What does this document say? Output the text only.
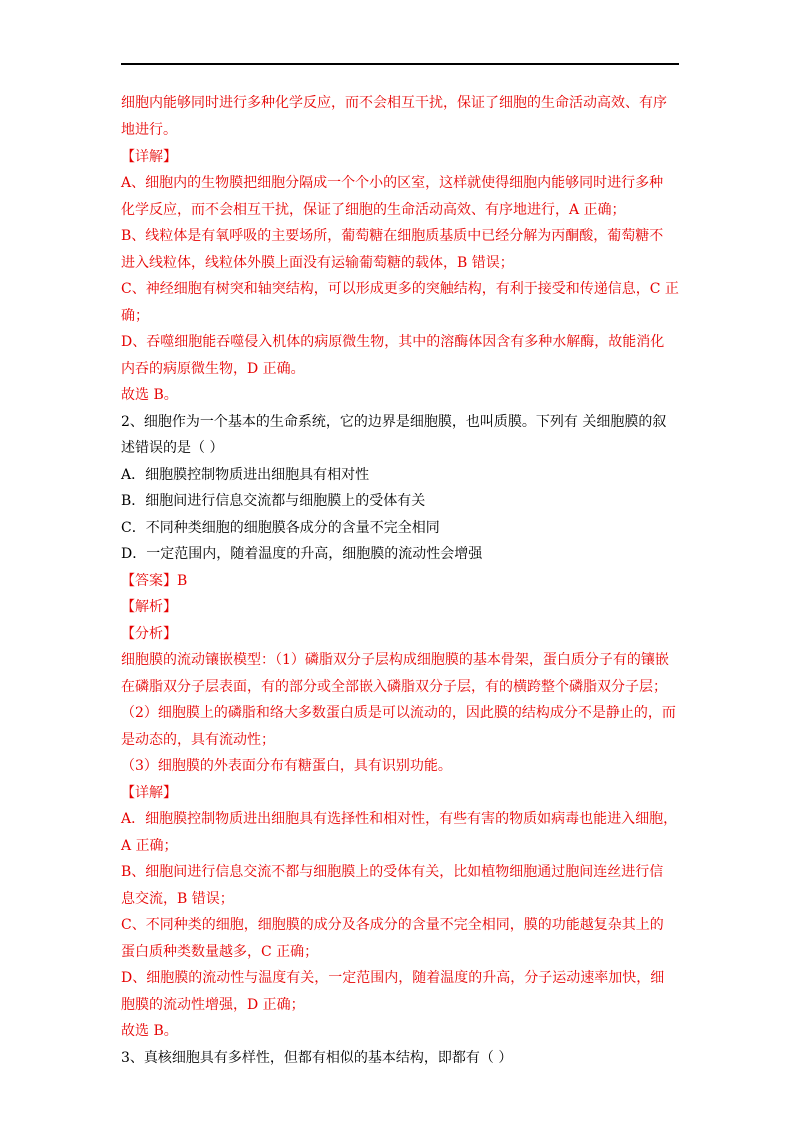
细胞内能够同时进行多种化学反应，而不会相互干扰，保证了细胞的生命活动高效、有序
地进行。
【详解】
A、细胞内的生物膜把细胞分隔成一个个小的区室，这样就使得细胞内能够同时进行多种
化学反应，而不会相互干扰，保证了细胞的生命活动高效、有序地进行，A 正确；
B、线粒体是有氧呼吸的主要场所，葡萄糖在细胞质基质中已经分解为丙酮酸，葡萄糖不
进入线粒体，线粒体外膜上面没有运输葡萄糖的载体，B 错误；
C、神经细胞有树突和轴突结构，可以形成更多的突触结构，有利于接受和传递信息，C 正
确；
D、吞噬细胞能吞噬侵入机体的病原微生物，其中的溶酶体因含有多种水解酶，故能消化
内吞的病原微生物，D 正确。
故选 B。
2、细胞作为一个基本的生命系统，它的边界是细胞膜，也叫质膜。下列有 关细胞膜的叙
述错误的是（ ）
A．细胞膜控制物质进出细胞具有相对性
B．细胞间进行信息交流都与细胞膜上的受体有关
C．不同种类细胞的细胞膜各成分的含量不完全相同
D．一定范围内，随着温度的升高，细胞膜的流动性会增强
【答案】B
【解析】
【分析】
细胞膜的流动镶嵌模型：（1）磷脂双分子层构成细胞膜的基本骨架，蛋白质分子有的镶嵌
在磷脂双分子层表面，有的部分或全部嵌入磷脂双分子层，有的横跨整个磷脂双分子层；
（2）细胞膜上的磷脂和络大多数蛋白质是可以流动的，因此膜的结构成分不是静止的，而
是动态的，具有流动性；
（3）细胞膜的外表面分布有糖蛋白，具有识别功能。
【详解】
A．细胞膜控制物质进出细胞具有选择性和相对性，有些有害的物质如病毒也能进入细胞，
A 正确；
B、细胞间进行信息交流不都与细胞膜上的受体有关，比如植物细胞通过胞间连丝进行信
息交流，B 错误；
C、不同种类的细胞，细胞膜的成分及各成分的含量不完全相同，膜的功能越复杂其上的
蛋白质种类数量越多，C 正确；
D、细胞膜的流动性与温度有关，一定范围内，随着温度的升高，分子运动速率加快，细
胞膜的流动性增强，D 正确；
故选 B。
3、真核细胞具有多样性，但都有相似的基本结构，即都有（ ）
